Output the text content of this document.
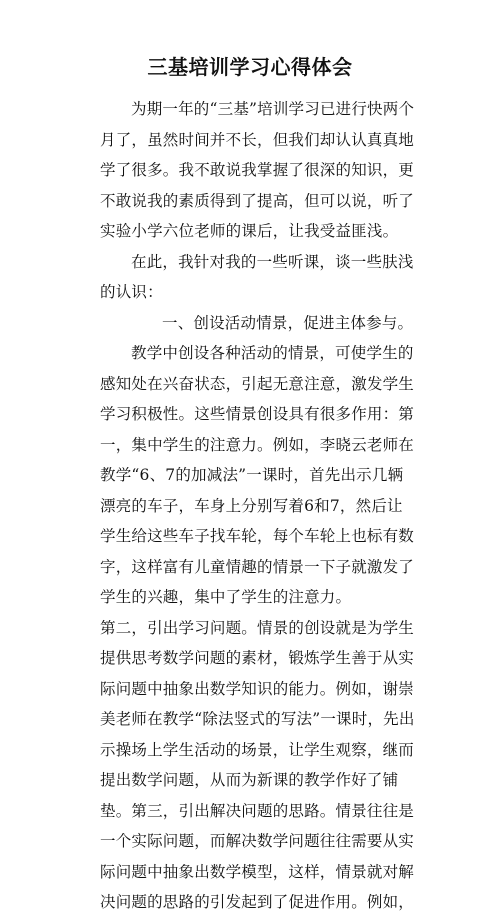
三基培训学习心得体会

为期一年的“三基”培训学习已进行快两个月了，虽然时间并不长，但我们却认认真真地学了很多。我不敢说我掌握了很深的知识，更不敢说我的素质得到了提高，但可以说，听了实验小学六位老师的课后，让我受益匪浅。

在此，我针对我的一些听课，谈一些肤浅的认识：

一、创设活动情景，促进主体参与。

教学中创设各种活动的情景，可使学生的感知处在兴奋状态，引起无意注意，激发学生学习积极性。这些情景创设具有很多作用：第一，集中学生的注意力。例如，李晓云老师在教学“6、7的加减法”一课时，首先出示几辆漂亮的车子，车身上分别写着6和7，然后让学生给这些车子找车轮，每个车轮上也标有数字，这样富有儿童情趣的情景一下子就激发了学生的兴趣，集中了学生的注意力。

第二，引出学习问题。情景的创设就是为学生提供思考数学问题的素材，锻炼学生善于从实际问题中抽象出数学知识的能力。例如，谢崇美老师在教学“除法竖式的写法”一课时，先出示操场上学生活动的场景，让学生观察，继而提出数学问题，从而为新课的教学作好了铺垫。第三，引出解决问题的思路。情景往往是一个实际问题，而解决数学问题往往需要从实际问题中抽象出数学模型，这样，情景就对解决问题的思路的引发起到了促进作用。例如，
